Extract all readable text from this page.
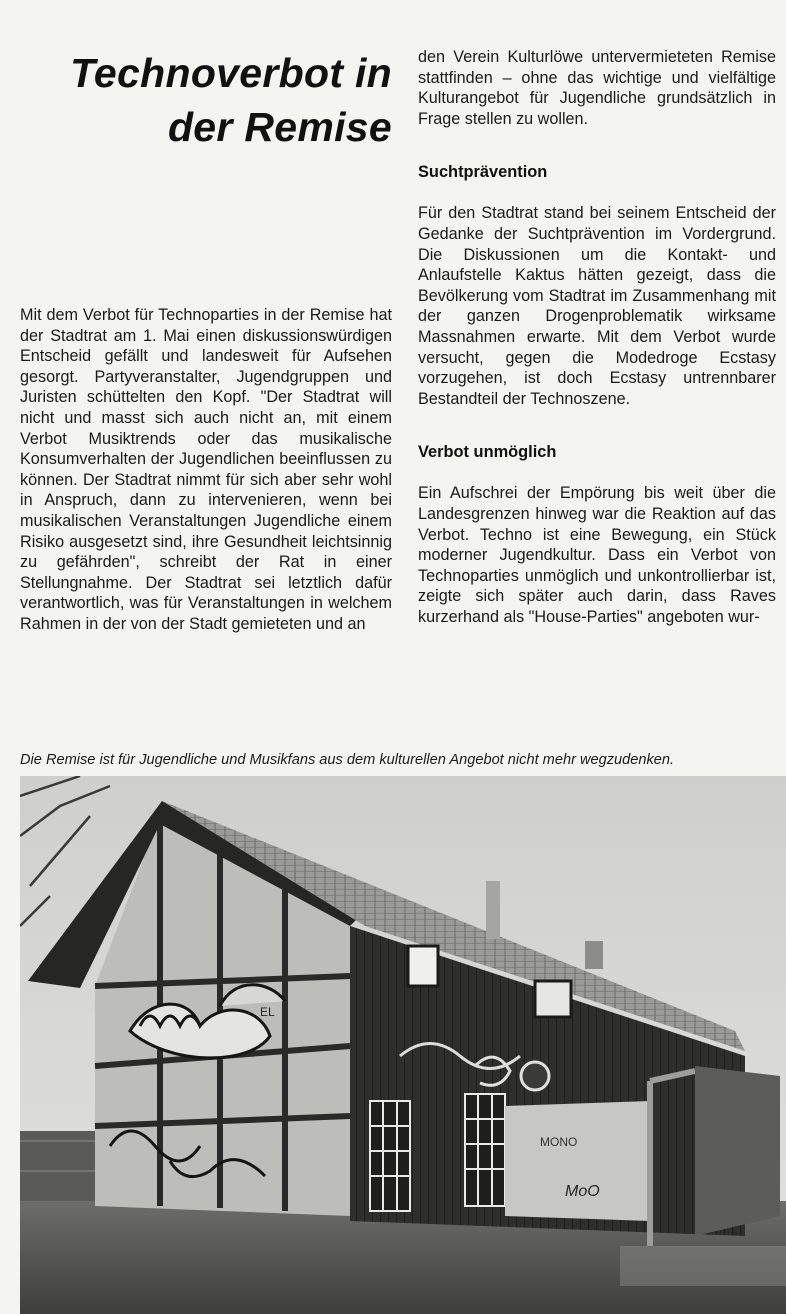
Technoverbot in
der Remise

Mit dem Verbot für Technoparties in der Remise hat der Stadtrat am 1. Mai einen diskussionswürdigen Entscheid gefällt und landesweit für Aufsehen gesorgt. Partyveranstalter, Jugendgruppen und Juristen schüttelten den Kopf. "Der Stadtrat will nicht und masst sich auch nicht an, mit einem Verbot Musiktrends oder das musikalische Konsumverhalten der Jugendlichen beeinflussen zu können. Der Stadtrat nimmt für sich aber sehr wohl in Anspruch, dann zu intervenieren, wenn bei musikalischen Veranstaltungen Jugendliche einem Risiko ausgesetzt sind, ihre Gesundheit leichtsinnig zu gefährden", schreibt der Rat in einer Stellungnahme. Der Stadtrat sei letztlich dafür verantwortlich, was für Veranstaltungen in welchem Rahmen in der von der Stadt gemieteten und an

den Verein Kulturlöwe untervermieteten Remise stattfinden – ohne das wichtige und vielfältige Kulturangebot für Jugendliche grundsätzlich in Frage stellen zu wollen.

Suchtprävention

Für den Stadtrat stand bei seinem Entscheid der Gedanke der Suchtprävention im Vordergrund. Die Diskussionen um die Kontakt- und Anlaufstelle Kaktus hätten gezeigt, dass die Bevölkerung vom Stadtrat im Zusammenhang mit der ganzen Drogenproblematik wirksame Massnahmen erwarte. Mit dem Verbot wurde versucht, gegen die Modedroge Ecstasy vorzugehen, ist doch Ecstasy untrennbarer Bestandteil der Technoszene.

Verbot unmöglich

Ein Aufschrei der Empörung bis weit über die Landesgrenzen hinweg war die Reaktion auf das Verbot. Techno ist eine Bewegung, ein Stück moderner Jugendkultur. Dass ein Verbot von Technoparties unmöglich und unkontrollierbar ist, zeigte sich später auch darin, dass Raves kurzerhand als "House-Parties" angeboten wur-

Die Remise ist für Jugendliche und Musikfans aus dem kulturellen Angebot nicht mehr wegzudenken.
MONO
EL
MoO
